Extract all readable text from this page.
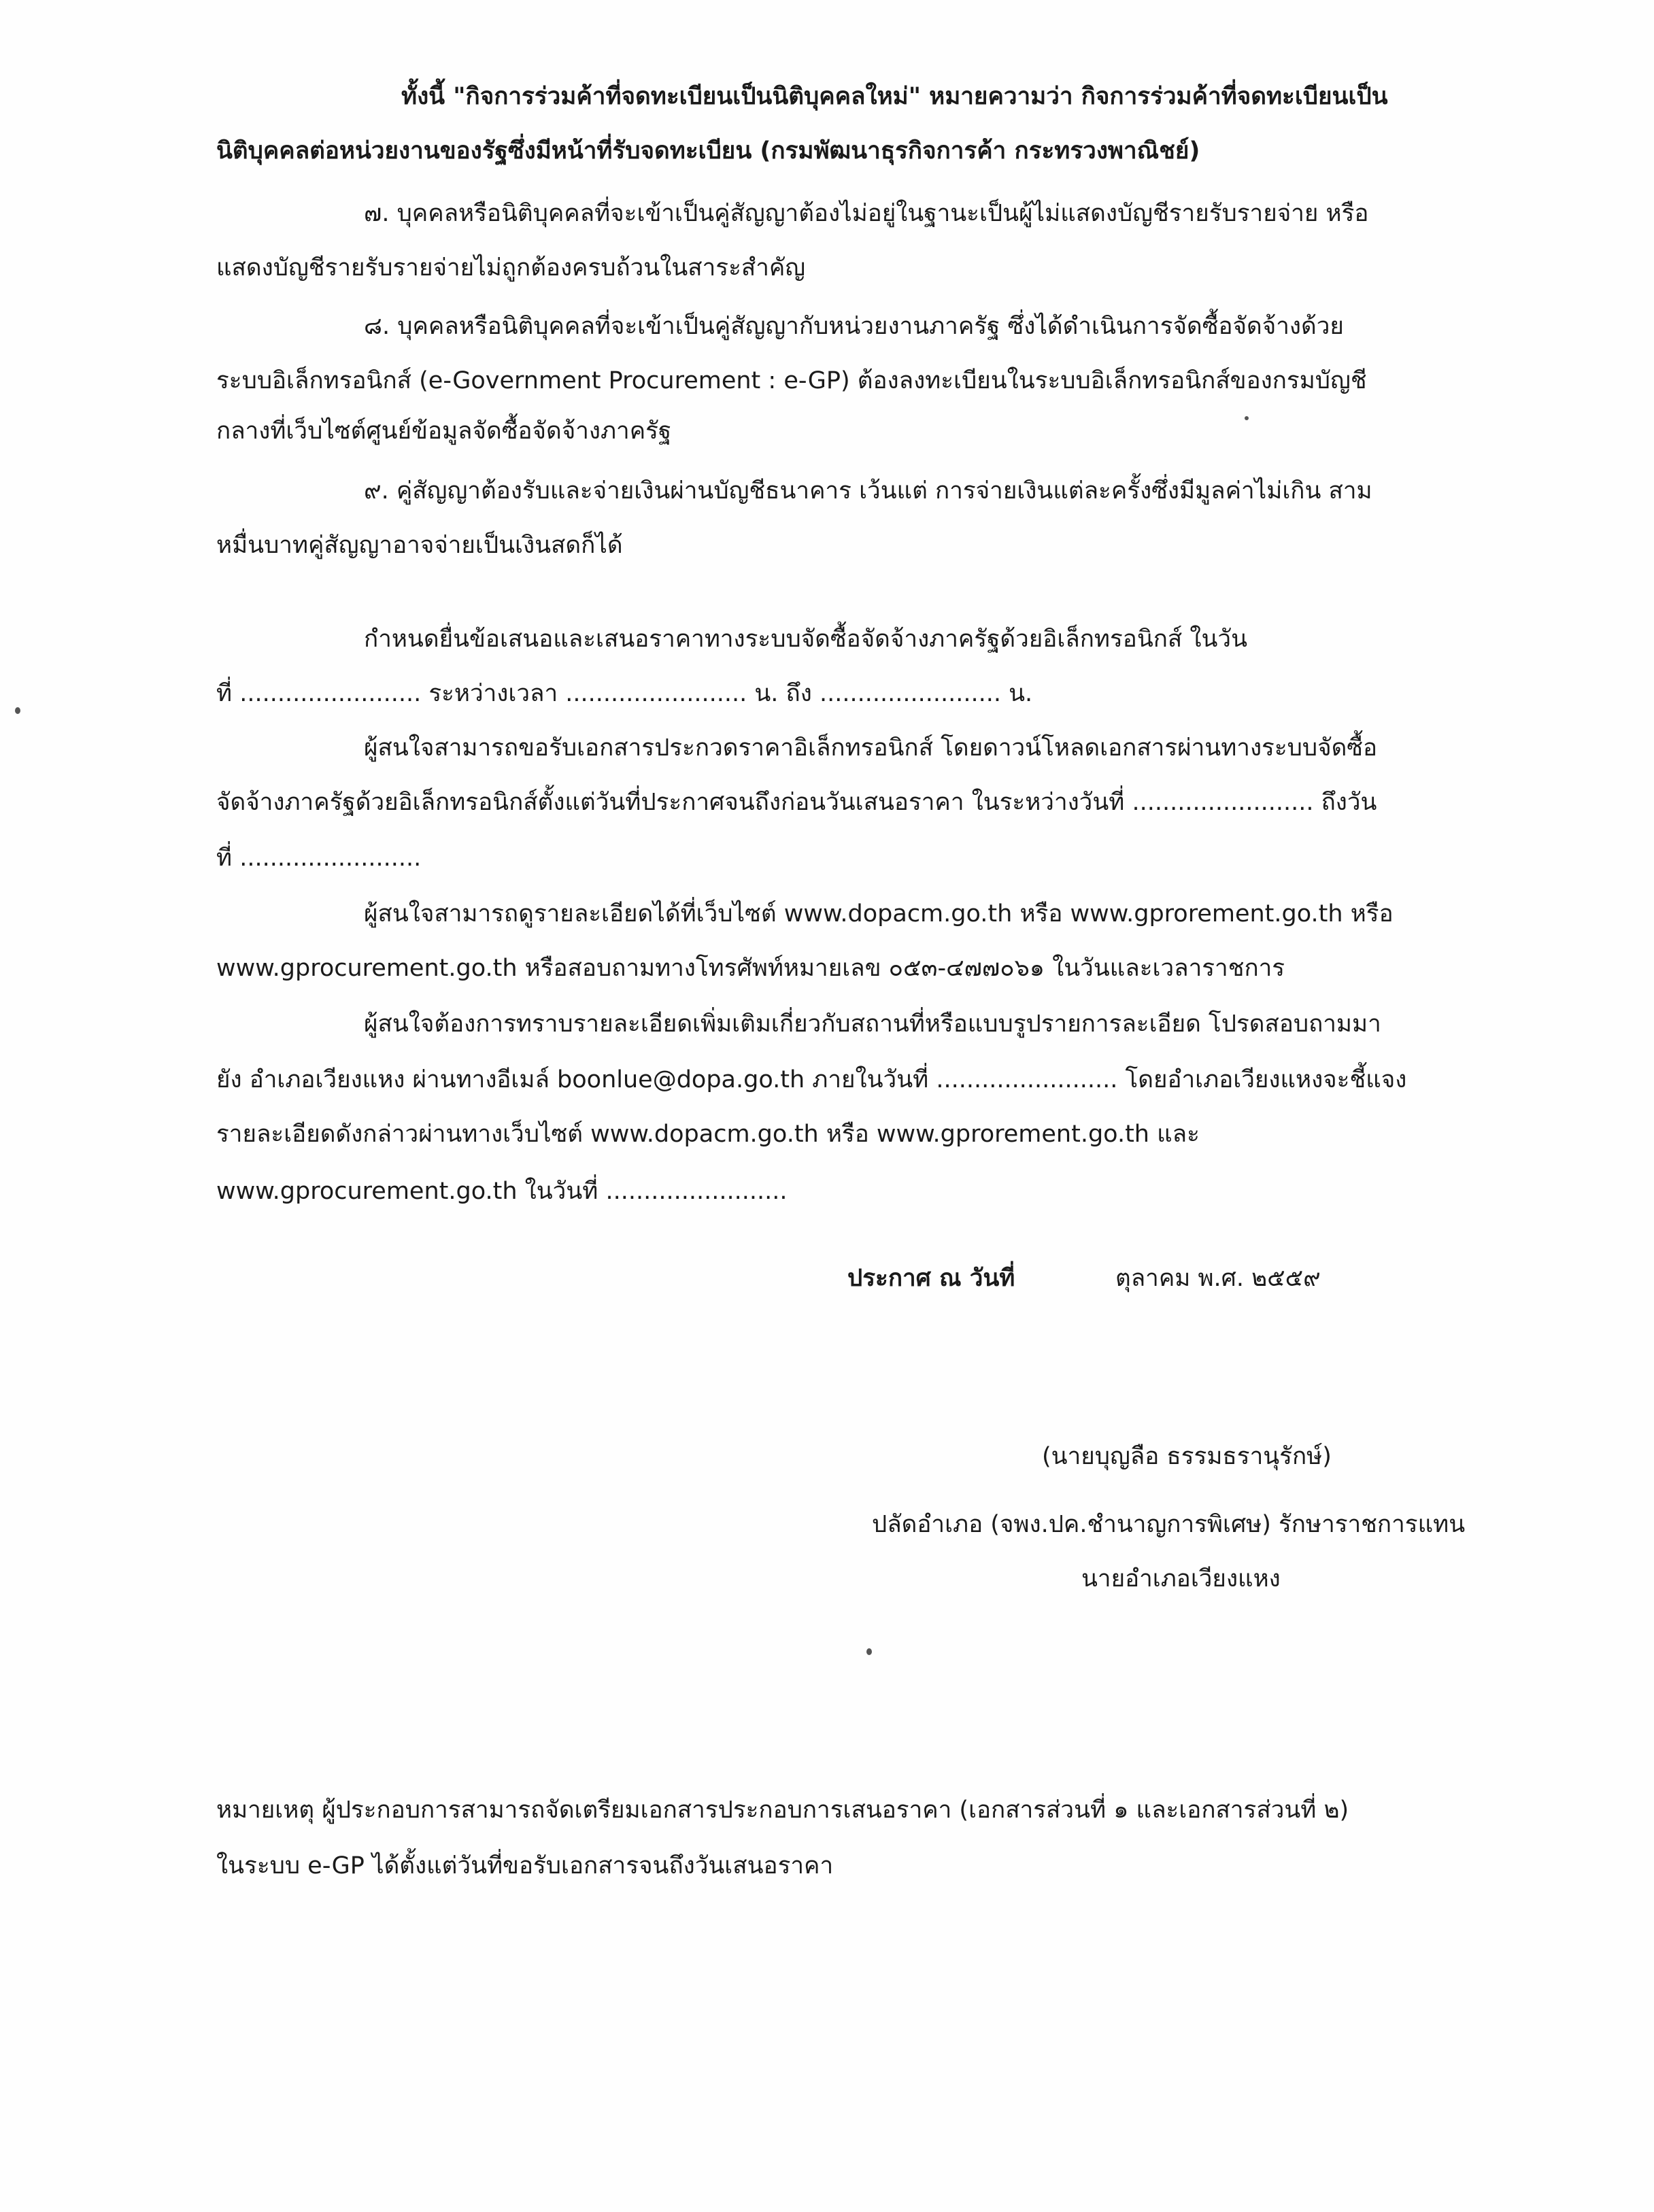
ทั้งนี้ "กิจการร่วมค้าที่จดทะเบียนเป็นนิติบุคคลใหม่" หมายความว่า กิจการร่วมค้าที่จดทะเบียนเป็น
นิติบุคคลต่อหน่วยงานของรัฐซึ่งมีหน้าที่รับจดทะเบียน (กรมพัฒนาธุรกิจการค้า กระทรวงพาณิชย์)
๗. บุคคลหรือนิติบุคคลที่จะเข้าเป็นคู่สัญญาต้องไม่อยู่ในฐานะเป็นผู้ไม่แสดงบัญชีรายรับรายจ่าย หรือ
แสดงบัญชีรายรับรายจ่ายไม่ถูกต้องครบถ้วนในสาระสำคัญ
๘. บุคคลหรือนิติบุคคลที่จะเข้าเป็นคู่สัญญากับหน่วยงานภาครัฐ ซึ่งได้ดำเนินการจัดซื้อจัดจ้างด้วย
ระบบอิเล็กทรอนิกส์ (e-Government Procurement : e-GP) ต้องลงทะเบียนในระบบอิเล็กทรอนิกส์ของกรมบัญชี
กลางที่เว็บไซต์ศูนย์ข้อมูลจัดซื้อจัดจ้างภาครัฐ
๙. คู่สัญญาต้องรับและจ่ายเงินผ่านบัญชีธนาคาร เว้นแต่ การจ่ายเงินแต่ละครั้งซึ่งมีมูลค่าไม่เกิน สาม
หมื่นบาทคู่สัญญาอาจจ่ายเป็นเงินสดก็ได้
กำหนดยื่นข้อเสนอและเสนอราคาทางระบบจัดซื้อจัดจ้างภาครัฐด้วยอิเล็กทรอนิกส์ ในวัน
ที่ ........................ ระหว่างเวลา ........................ น. ถึง ........................ น.
ผู้สนใจสามารถขอรับเอกสารประกวดราคาอิเล็กทรอนิกส์ โดยดาวน์โหลดเอกสารผ่านทางระบบจัดซื้อ
จัดจ้างภาครัฐด้วยอิเล็กทรอนิกส์ตั้งแต่วันที่ประกาศจนถึงก่อนวันเสนอราคา ในระหว่างวันที่ ........................ ถึงวัน
ที่ ........................
ผู้สนใจสามารถดูรายละเอียดได้ที่เว็บไซต์ www.dopacm.go.th หรือ www.gprorement.go.th หรือ
www.gprocurement.go.th หรือสอบถามทางโทรศัพท์หมายเลข ๐๕๓-๔๗๗๐๖๑ ในวันและเวลาราชการ
ผู้สนใจต้องการทราบรายละเอียดเพิ่มเติมเกี่ยวกับสถานที่หรือแบบรูปรายการละเอียด โปรดสอบถามมา
ยัง อำเภอเวียงแหง ผ่านทางอีเมล์ boonlue@dopa.go.th ภายในวันที่ ........................ โดยอำเภอเวียงแหงจะชี้แจง
รายละเอียดดังกล่าวผ่านทางเว็บไซต์ www.dopacm.go.th หรือ www.gprorement.go.th และ
www.gprocurement.go.th ในวันที่ ........................
ประกาศ ณ วันที่	ตุลาคม พ.ศ. ๒๕๕๙
(นายบุญลือ ธรรมธรานุรักษ์)
ปลัดอำเภอ (จพง.ปค.ชำนาญการพิเศษ) รักษาราชการแทน
นายอำเภอเวียงแหง
หมายเหตุ ผู้ประกอบการสามารถจัดเตรียมเอกสารประกอบการเสนอราคา (เอกสารส่วนที่ ๑ และเอกสารส่วนที่ ๒)
ในระบบ e-GP ได้ตั้งแต่วันที่ขอรับเอกสารจนถึงวันเสนอราคา
